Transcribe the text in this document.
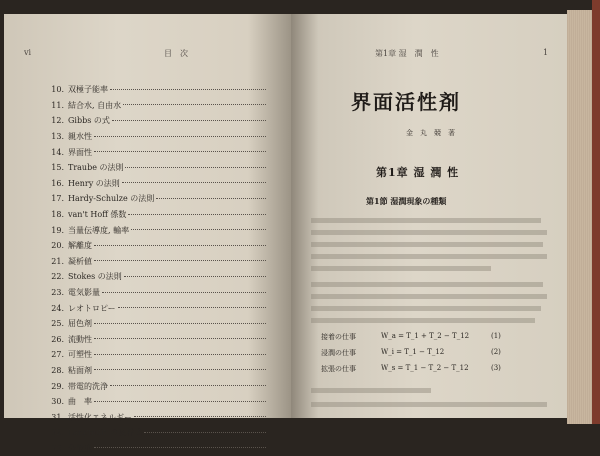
vi	目　次
10. 双極子能率
11. 結合水, 自由水
12. Gibbs の式
13. 親水性
14. 界面性
15. Traube の法則
16. Henry の法則
17. Hardy-Schulze の法則
18. van't Hoff 係数
19. 当量伝導度, 輸率
20. 解離度
21. 凝析値
22. Stokes の法則
23. 電気影量
24. レオトロピー
25. 屈色剤
26. 流動性
27. 可塑性
28. 粘面剤
29. 帯電的洗浄
30. 曲　率
31. 活性化エネルギー
32. Langmuir の吸着式
33. 分散度
第1章 湿　潤　性	1
界面活性剤
金　丸　競　著
第1章 湿 潤 性
第1節 湿潤現象の種類
接着の仕事	W_a = T_1 + T_2 − T_12	(1)
浸潤の仕事	W_i = T_1 − T_12	(2)
拡張の仕事	W_s = T_1 − T_2 − T_12	(3)
